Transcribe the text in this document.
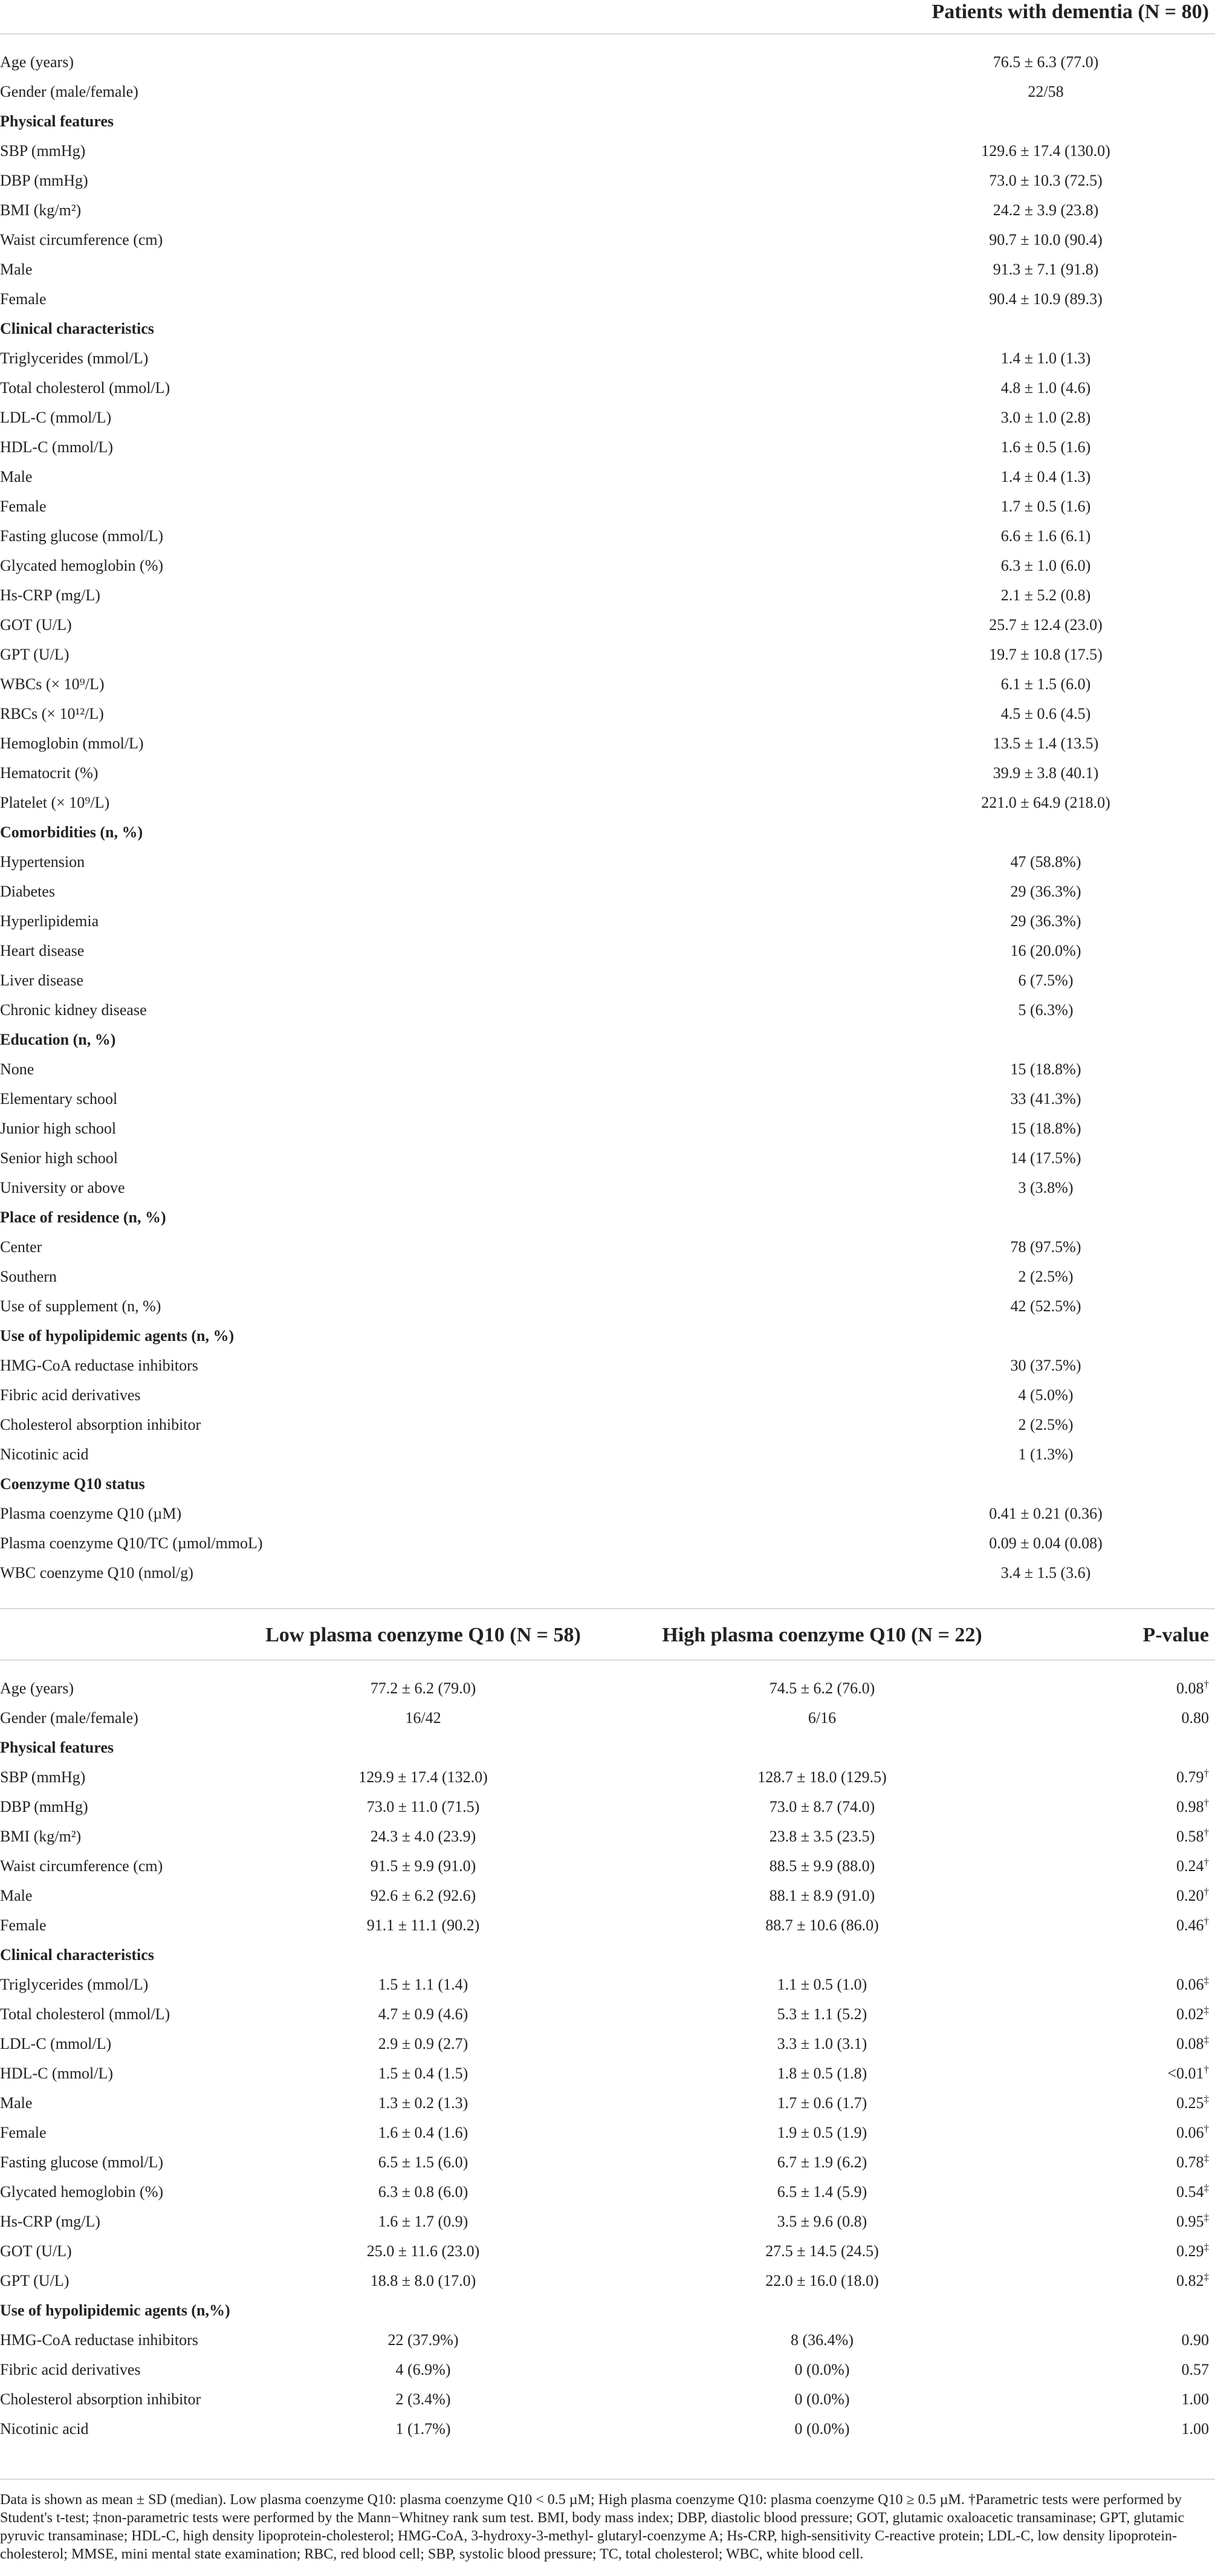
Patients with dementia (N = 80)
Age (years)	76.5 ± 6.3 (77.0)
Gender (male/female)	22/58
Physical features
SBP (mmHg)	129.6 ± 17.4 (130.0)
DBP (mmHg)	73.0 ± 10.3 (72.5)
BMI (kg/m²)	24.2 ± 3.9 (23.8)
Waist circumference (cm)	90.7 ± 10.0 (90.4)
Male	91.3 ± 7.1 (91.8)
Female	90.4 ± 10.9 (89.3)
Clinical characteristics
Triglycerides (mmol/L)	1.4 ± 1.0 (1.3)
Total cholesterol (mmol/L)	4.8 ± 1.0 (4.6)
LDL-C (mmol/L)	3.0 ± 1.0 (2.8)
HDL-C (mmol/L)	1.6 ± 0.5 (1.6)
Male	1.4 ± 0.4 (1.3)
Female	1.7 ± 0.5 (1.6)
Fasting glucose (mmol/L)	6.6 ± 1.6 (6.1)
Glycated hemoglobin (%)	6.3 ± 1.0 (6.0)
Hs-CRP (mg/L)	2.1 ± 5.2 (0.8)
GOT (U/L)	25.7 ± 12.4 (23.0)
GPT (U/L)	19.7 ± 10.8 (17.5)
WBCs (× 10⁹/L)	6.1 ± 1.5 (6.0)
RBCs (× 10¹²/L)	4.5 ± 0.6 (4.5)
Hemoglobin (mmol/L)	13.5 ± 1.4 (13.5)
Hematocrit (%)	39.9 ± 3.8 (40.1)
Platelet (× 10⁹/L)	221.0 ± 64.9 (218.0)
Comorbidities (n, %)
Hypertension	47 (58.8%)
Diabetes	29 (36.3%)
Hyperlipidemia	29 (36.3%)
Heart disease	16 (20.0%)
Liver disease	6 (7.5%)
Chronic kidney disease	5 (6.3%)
Education (n, %)
None	15 (18.8%)
Elementary school	33 (41.3%)
Junior high school	15 (18.8%)
Senior high school	14 (17.5%)
University or above	3 (3.8%)
Place of residence (n, %)
Center	78 (97.5%)
Southern	2 (2.5%)
Use of supplement (n, %)	42 (52.5%)
Use of hypolipidemic agents (n, %)
HMG-CoA reductase inhibitors	30 (37.5%)
Fibric acid derivatives	4 (5.0%)
Cholesterol absorption inhibitor	2 (2.5%)
Nicotinic acid	1 (1.3%)
Coenzyme Q10 status
Plasma coenzyme Q10 (µM)	0.41 ± 0.21 (0.36)
Plasma coenzyme Q10/TC (µmol/mmoL)	0.09 ± 0.04 (0.08)
WBC coenzyme Q10 (nmol/g)	3.4 ± 1.5 (3.6)
Low plasma coenzyme Q10 (N = 58)	High plasma coenzyme Q10 (N = 22)	P-value
Age (years)	77.2 ± 6.2 (79.0)	74.5 ± 6.2 (76.0)	0.08†
Gender (male/female)	16/42	6/16	0.80
Physical features
SBP (mmHg)	129.9 ± 17.4 (132.0)	128.7 ± 18.0 (129.5)	0.79†
DBP (mmHg)	73.0 ± 11.0 (71.5)	73.0 ± 8.7 (74.0)	0.98†
BMI (kg/m²)	24.3 ± 4.0 (23.9)	23.8 ± 3.5 (23.5)	0.58†
Waist circumference (cm)	91.5 ± 9.9 (91.0)	88.5 ± 9.9 (88.0)	0.24†
Male	92.6 ± 6.2 (92.6)	88.1 ± 8.9 (91.0)	0.20†
Female	91.1 ± 11.1 (90.2)	88.7 ± 10.6 (86.0)	0.46†
Clinical characteristics
Triglycerides (mmol/L)	1.5 ± 1.1 (1.4)	1.1 ± 0.5 (1.0)	0.06‡
Total cholesterol (mmol/L)	4.7 ± 0.9 (4.6)	5.3 ± 1.1 (5.2)	0.02‡
LDL-C (mmol/L)	2.9 ± 0.9 (2.7)	3.3 ± 1.0 (3.1)	0.08‡
HDL-C (mmol/L)	1.5 ± 0.4 (1.5)	1.8 ± 0.5 (1.8)	<0.01†
Male	1.3 ± 0.2 (1.3)	1.7 ± 0.6 (1.7)	0.25‡
Female	1.6 ± 0.4 (1.6)	1.9 ± 0.5 (1.9)	0.06†
Fasting glucose (mmol/L)	6.5 ± 1.5 (6.0)	6.7 ± 1.9 (6.2)	0.78‡
Glycated hemoglobin (%)	6.3 ± 0.8 (6.0)	6.5 ± 1.4 (5.9)	0.54‡
Hs-CRP (mg/L)	1.6 ± 1.7 (0.9)	3.5 ± 9.6 (0.8)	0.95‡
GOT (U/L)	25.0 ± 11.6 (23.0)	27.5 ± 14.5 (24.5)	0.29‡
GPT (U/L)	18.8 ± 8.0 (17.0)	22.0 ± 16.0 (18.0)	0.82‡
Use of hypolipidemic agents (n,%)
HMG-CoA reductase inhibitors	22 (37.9%)	8 (36.4%)	0.90
Fibric acid derivatives	4 (6.9%)	0 (0.0%)	0.57
Cholesterol absorption inhibitor	2 (3.4%)	0 (0.0%)	1.00
Nicotinic acid	1 (1.7%)	0 (0.0%)	1.00
Data is shown as mean ± SD (median). Low plasma coenzyme Q10: plasma coenzyme Q10 < 0.5 µM; High plasma coenzyme Q10: plasma coenzyme Q10 ≥ 0.5 µM. †Parametric tests were performed by Student's t-test; ‡non-parametric tests were performed by the Mann−Whitney rank sum test. BMI, body mass index; DBP, diastolic blood pressure; GOT, glutamic oxaloacetic transaminase; GPT, glutamic pyruvic transaminase; HDL-C, high density lipoprotein-cholesterol; HMG-CoA, 3-hydroxy-3-methyl- glutaryl-coenzyme A; Hs-CRP, high-sensitivity C-reactive protein; LDL-C, low density lipoprotein-cholesterol; MMSE, mini mental state examination; RBC, red blood cell; SBP, systolic blood pressure; TC, total cholesterol; WBC, white blood cell.
